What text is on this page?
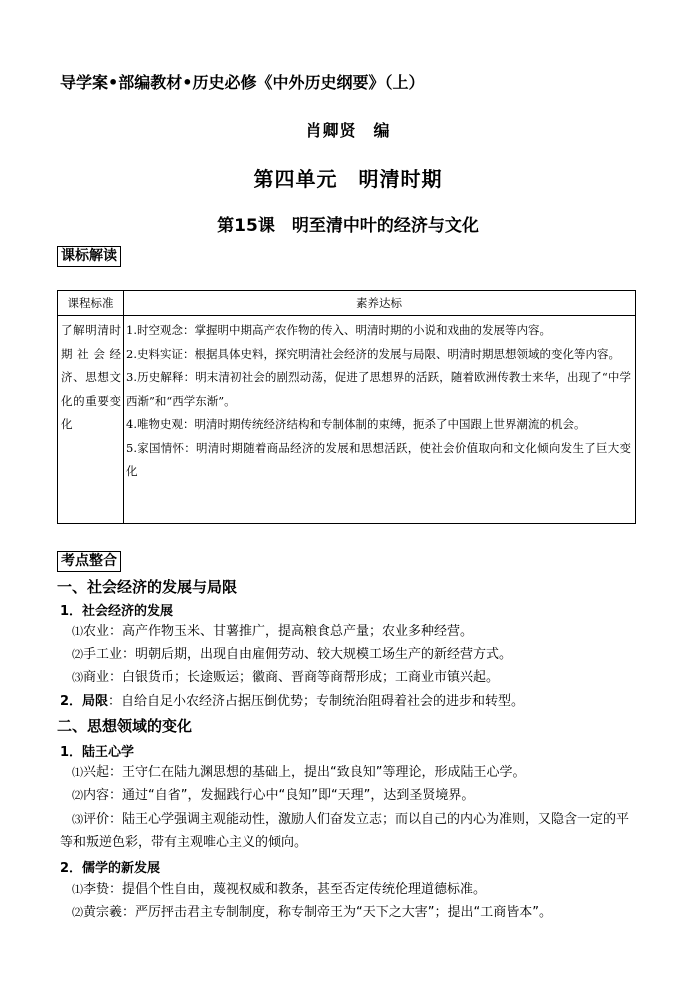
导学案•部编教材•历史必修《中外历史纲要》（上）
肖卿贤　编
第四单元　明清时期
第15课　明至清中叶的经济与文化
课标解读
课程标准	素养达标
了解明清时期社会经济、思想文化的重要变化

1.时空观念：掌握明中期高产农作物的传入、明清时期的小说和戏曲的发展等内容。

2.史料实证：根据具体史料，探究明清社会经济的发展与局限、明清时期思想领域的变化等内容。

3.历史解释：明末清初社会的剧烈动荡，促进了思想界的活跃，随着欧洲传教士来华，出现了“中学西渐”和“西学东渐”。

4.唯物史观：明清时期传统经济结构和专制体制的束缚，扼杀了中国跟上世界潮流的机会。

5.家国情怀：明清时期随着商品经济的发展和思想活跃，使社会价值取向和文化倾向发生了巨大变化

考点整合
一、社会经济的发展与局限
1．社会经济的发展
⑴农业：高产作物玉米、甘薯推广，提高粮食总产量；农业多种经营。
⑵手工业：明朝后期，出现自由雇佣劳动、较大规模工场生产的新经营方式。
⑶商业：白银货币；长途贩运；徽商、晋商等商帮形成；工商业市镇兴起。
2．局限：自给自足小农经济占据压倒优势；专制统治阻碍着社会的进步和转型。
二、思想领域的变化
1．陆王心学
⑴兴起：王守仁在陆九渊思想的基础上，提出“致良知”等理论，形成陆王心学。
⑵内容：通过“自省”，发掘践行心中“良知”即“天理”，达到圣贤境界。
⑶评价：陆王心学强调主观能动性，激励人们奋发立志；而以自己的内心为准则，又隐含一定的平等和叛逆色彩，带有主观唯心主义的倾向。
2．儒学的新发展
⑴李贽：提倡个性自由，蔑视权威和教条，甚至否定传统伦理道德标准。
⑵黄宗羲：严厉抨击君主专制制度，称专制帝王为“天下之大害”；提出“工商皆本”。
